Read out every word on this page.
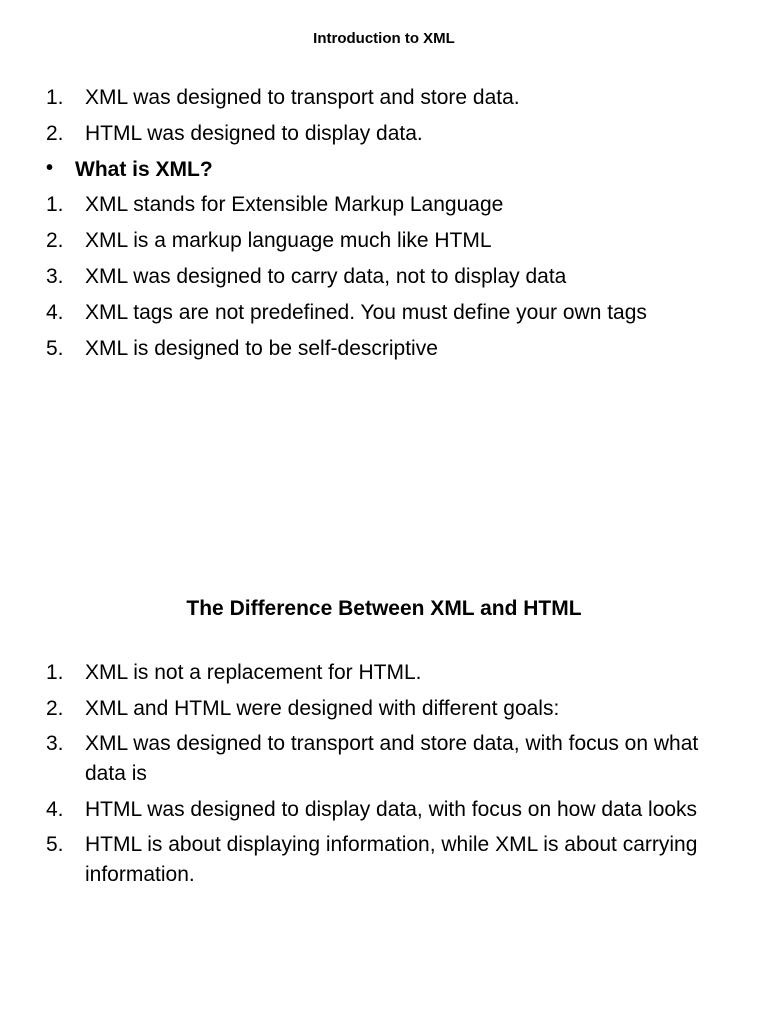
Introduction to XML
1. XML was designed to transport and store data.
2. HTML was designed to display data.
• What is XML?
1. XML stands for Extensible Markup Language
2. XML is a markup language much like HTML
3. XML was designed to carry data, not to display data
4. XML tags are not predefined. You must define your own tags
5. XML is designed to be self-descriptive
The Difference Between XML and HTML
1. XML is not a replacement for HTML.
2. XML and HTML were designed with different goals:
3. XML was designed to transport and store data, with focus on what data is
4. HTML was designed to display data, with focus on how data looks
5. HTML is about displaying information, while XML is about carrying information.
